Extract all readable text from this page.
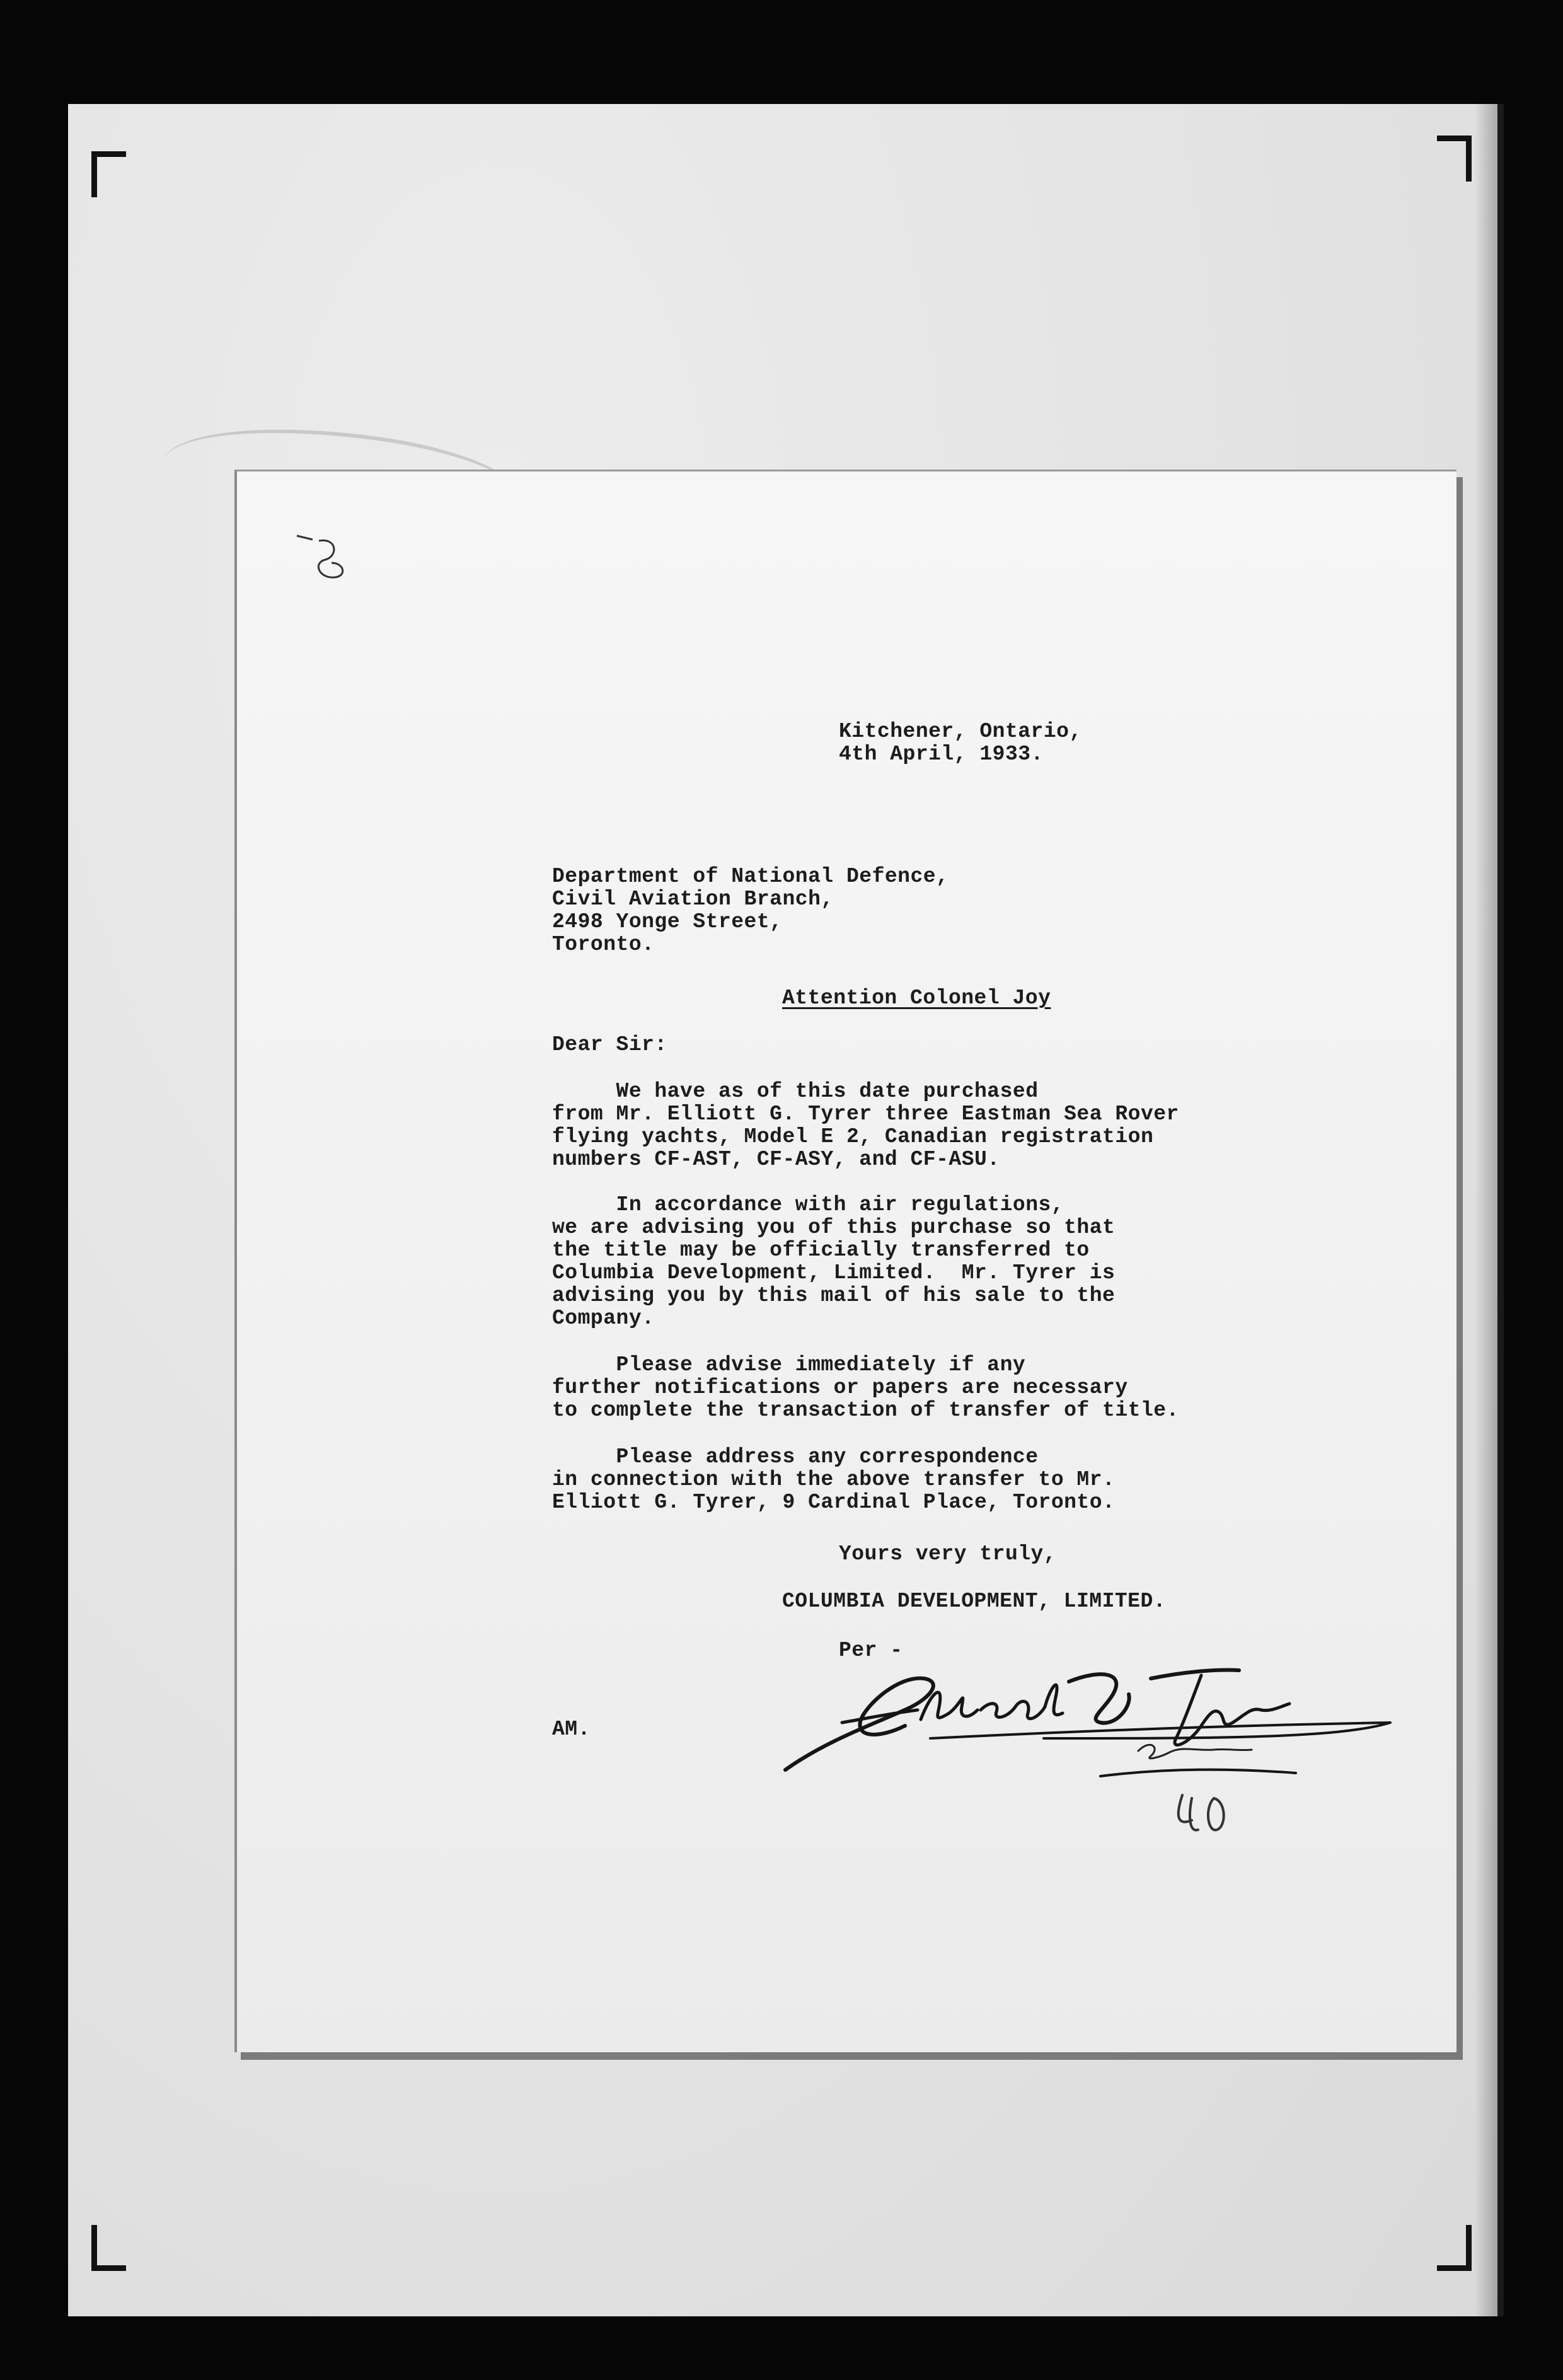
Kitchener, Ontario,
4th April, 1933.
Department of National Defence,
Civil Aviation Branch,
2498 Yonge Street,
Toronto.
Attention Colonel Joy
Dear Sir:
We have as of this date purchased
from Mr. Elliott G. Tyrer three Eastman Sea Rover
flying yachts, Model E 2, Canadian registration
numbers CF-AST, CF-ASY, and CF-ASU.
In accordance with air regulations,
we are advising you of this purchase so that
the title may be officially transferred to
Columbia Development, Limited.  Mr. Tyrer is
advising you by this mail of his sale to the
Company.
Please advise immediately if any
further notifications or papers are necessary
to complete the transaction of transfer of title.
Please address any correspondence
in connection with the above transfer to Mr.
Elliott G. Tyrer, 9 Cardinal Place, Toronto.
Yours very truly,
COLUMBIA DEVELOPMENT, LIMITED.
Per -
AM.
